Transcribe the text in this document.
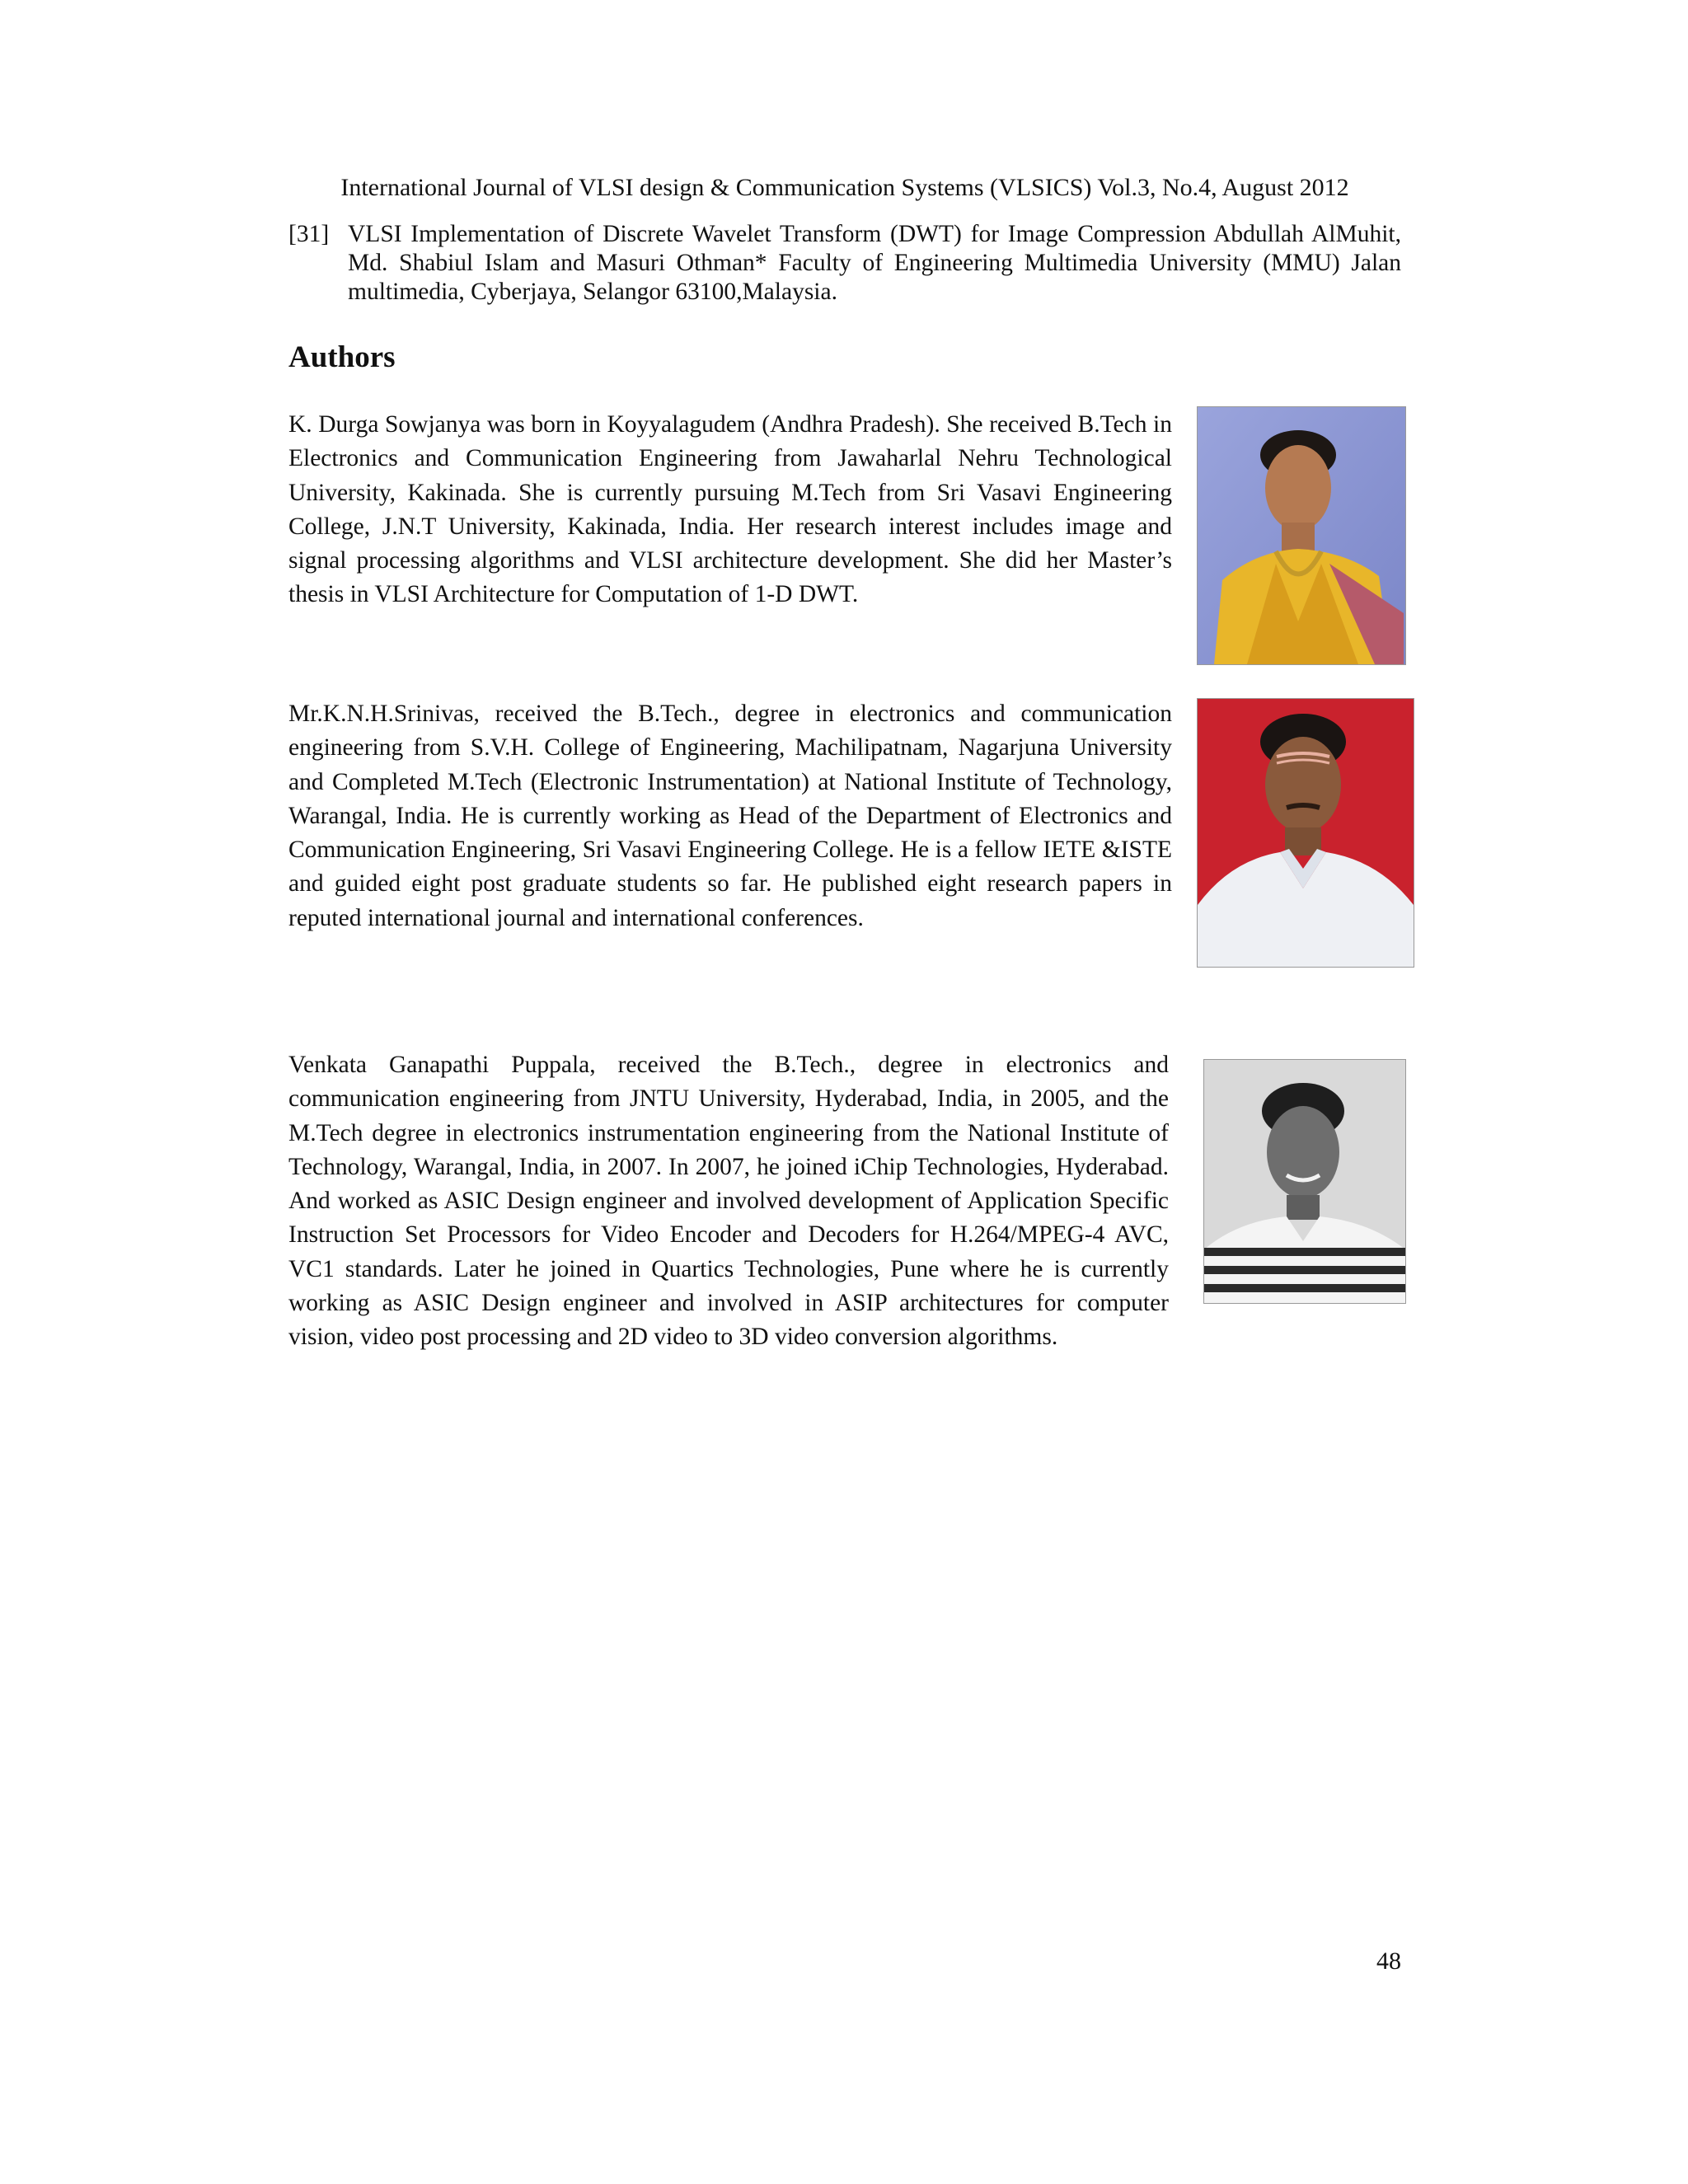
International Journal of VLSI design & Communication Systems (VLSICS) Vol.3, No.4, August 2012
[31] VLSI Implementation of Discrete Wavelet Transform (DWT) for Image Compression Abdullah AlMuhit, Md. Shabiul Islam and Masuri Othman* Faculty of Engineering Multimedia University (MMU) Jalan multimedia, Cyberjaya, Selangor 63100,Malaysia.
Authors

K. Durga Sowjanya was born in Koyyalagudem (Andhra Pradesh). She received B.Tech in Electronics and Communication Engineering from Jawaharlal Nehru Technological University, Kakinada. She is currently pursuing M.Tech from Sri Vasavi Engineering College, J.N.T University, Kakinada, India. Her research interest includes image and signal processing algorithms and VLSI architecture development. She did her Master’s thesis in VLSI Architecture for Computation of 1-D DWT.

Mr.K.N.H.Srinivas, received the B.Tech., degree in electronics and communication engineering from S.V.H. College of Engineering, Machilipatnam, Nagarjuna University and Completed M.Tech (Electronic Instrumentation) at National Institute of Technology, Warangal, India. He is currently working as Head of the Department of Electronics and Communication Engineering, Sri Vasavi Engineering College. He is a fellow IETE &ISTE and guided eight post graduate students so far. He published eight research papers in reputed international journal and international conferences.

Venkata Ganapathi Puppala, received the B.Tech., degree in electronics and communication engineering from JNTU University, Hyderabad, India, in 2005, and the M.Tech degree in electronics instrumentation engineering from the National Institute of Technology, Warangal, India, in 2007. In 2007, he joined iChip Technologies, Hyderabad. And worked as ASIC Design engineer and involved development of Application Specific Instruction Set Processors for Video Encoder and Decoders for H.264/MPEG-4 AVC, VC1 standards. Later he joined in Quartics Technologies, Pune where he is currently working as ASIC Design engineer and involved in ASIP architectures for computer vision, video post processing and 2D video to 3D video conversion algorithms.

48
